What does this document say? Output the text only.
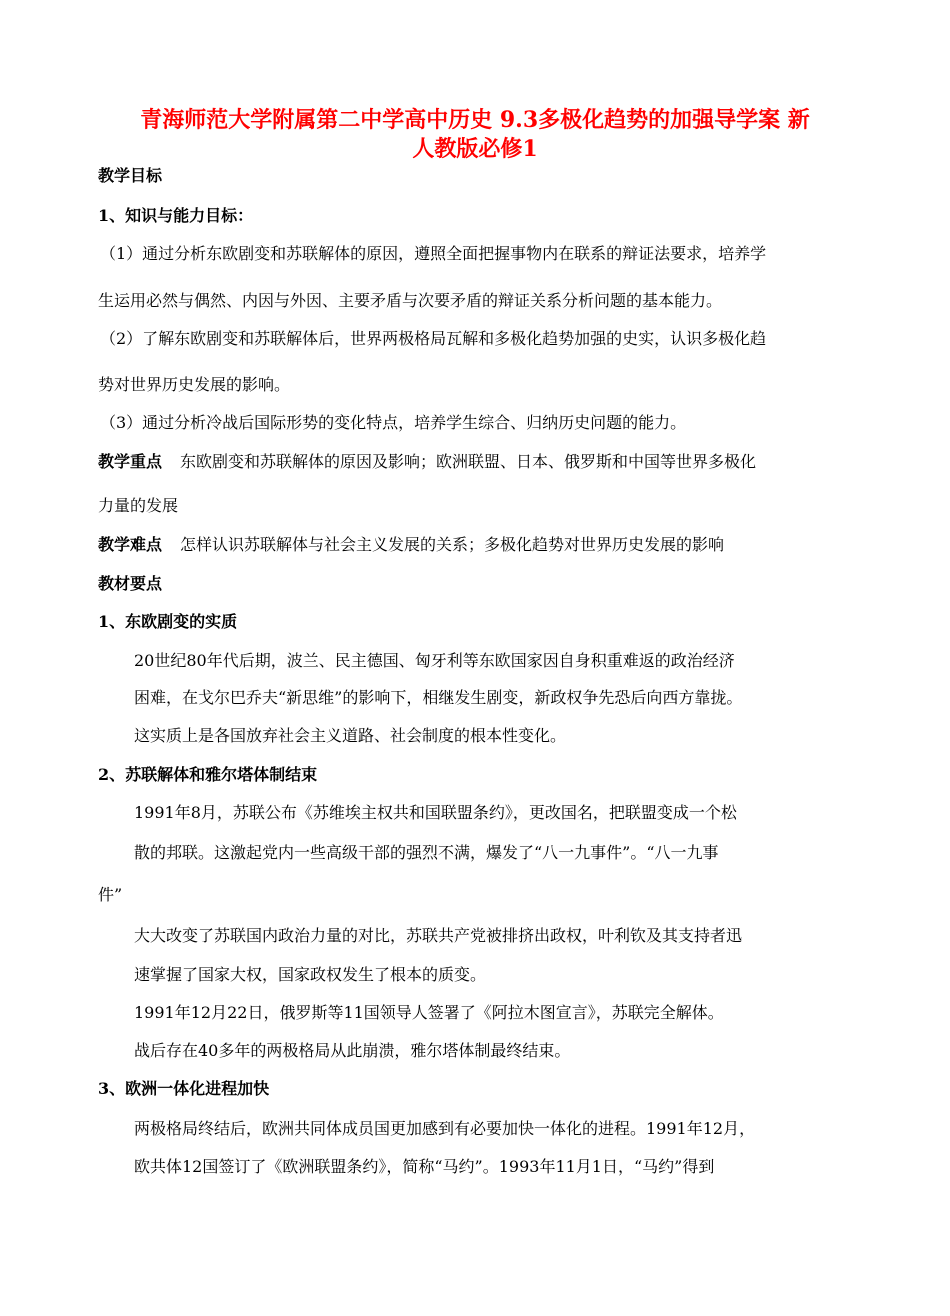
青海师范大学附属第二中学高中历史 9.3多极化趋势的加强导学案 新
人教版必修1
教学目标
1、知识与能力目标：
（1）通过分析东欧剧变和苏联解体的原因，遵照全面把握事物内在联系的辩证法要求，培养学
生运用必然与偶然、内因与外因、主要矛盾与次要矛盾的辩证关系分析问题的基本能力。
（2）了解东欧剧变和苏联解体后，世界两极格局瓦解和多极化趋势加强的史实，认识多极化趋
势对世界历史发展的影响。
（3）通过分析冷战后国际形势的变化特点，培养学生综合、归纳历史问题的能力。
教学重点 东欧剧变和苏联解体的原因及影响；欧洲联盟、日本、俄罗斯和中国等世界多极化
力量的发展
教学难点 怎样认识苏联解体与社会主义发展的关系；多极化趋势对世界历史发展的影响
教材要点
1、东欧剧变的实质
20世纪80年代后期，波兰、民主德国、匈牙利等东欧国家因自身积重难返的政治经济
困难，在戈尔巴乔夫“新思维”的影响下，相继发生剧变，新政权争先恐后向西方靠拢。
这实质上是各国放弃社会主义道路、社会制度的根本性变化。
2、苏联解体和雅尔塔体制结束
1991年8月，苏联公布《苏维埃主权共和国联盟条约》，更改国名，把联盟变成一个松
散的邦联。这激起党内一些高级干部的强烈不满，爆发了“八一九事件”。“八一九事
件”
大大改变了苏联国内政治力量的对比，苏联共产党被排挤出政权，叶利钦及其支持者迅
速掌握了国家大权，国家政权发生了根本的质变。
1991年12月22日，俄罗斯等11国领导人签署了《阿拉木图宣言》，苏联完全解体。
战后存在40多年的两极格局从此崩溃，雅尔塔体制最终结束。
3、欧洲一体化进程加快
两极格局终结后，欧洲共同体成员国更加感到有必要加快一体化的进程。1991年12月，
欧共体12国签订了《欧洲联盟条约》，简称“马约”。1993年11月1日，“马约”得到
